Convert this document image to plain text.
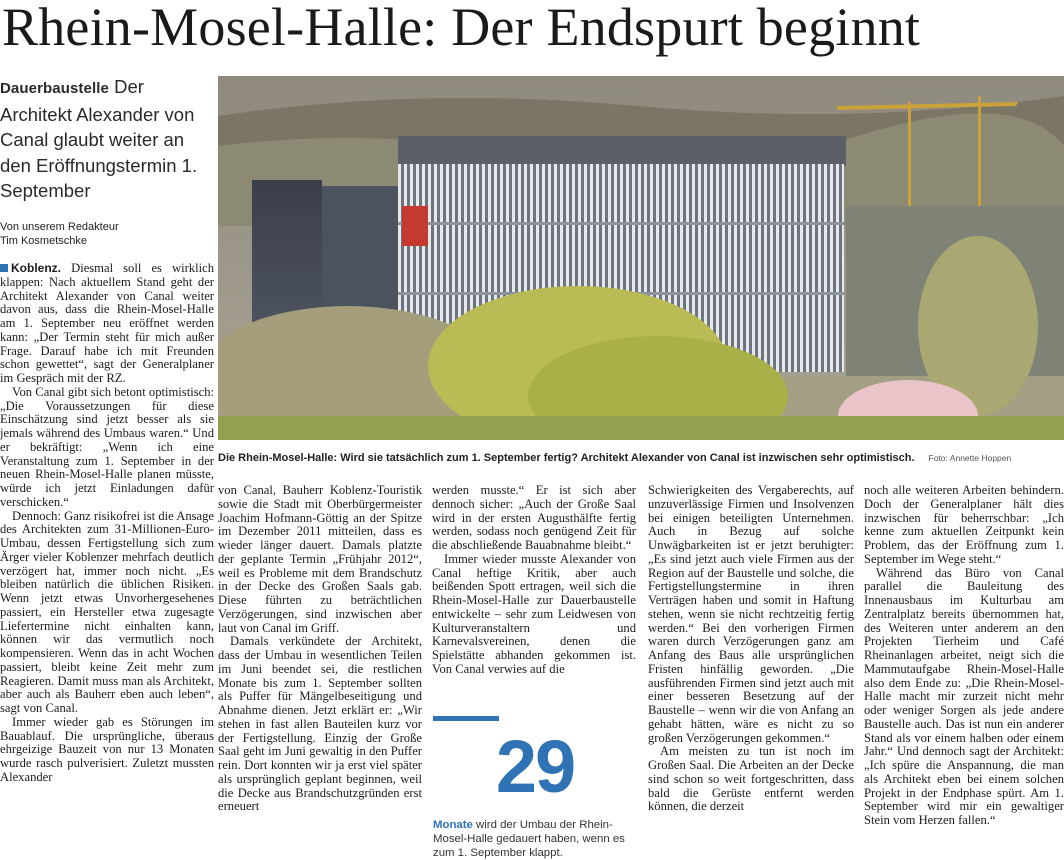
Rhein-Mosel-Halle: Der Endspurt beginnt
Dauerbaustelle Der Architekt Alexander von Canal glaubt weiter an den Eröffnungstermin 1. September
Von unserem Redakteur
Tim Kosmetschke

Koblenz. Diesmal soll es wirklich klappen: Nach aktuellem Stand geht der Architekt Alexander von Canal weiter davon aus, dass die Rhein-Mosel-Halle am 1. September neu eröffnet werden kann: „Der Termin steht für mich außer Frage. Darauf habe ich mit Freunden schon gewettet“, sagt der Generalplaner im Gespräch mit der RZ.

Von Canal gibt sich betont optimistisch: „Die Voraussetzungen für diese Einschätzung sind jetzt besser als sie jemals während des Umbaus waren.“ Und er bekräftigt: „Wenn ich eine Veranstaltung zum 1. September in der neuen Rhein-Mosel-Halle planen müsste, würde ich jetzt Einladungen dafür verschicken.“

Dennoch: Ganz risikofrei ist die Ansage des Architekten zum 31-Millionen-Euro-Umbau, dessen Fertigstellung sich zum Ärger vieler Koblenzer mehrfach deutlich verzögert hat, immer noch nicht. „Es bleiben natürlich die üblichen Risiken. Wenn jetzt etwas Unvorhergesehenes passiert, ein Hersteller etwa zugesagte Liefertermine nicht einhalten kann, können wir das vermutlich noch kompensieren. Wenn das in acht Wochen passiert, bleibt keine Zeit mehr zum Reagieren. Damit muss man als Architekt, aber auch als Bauherr eben auch leben“, sagt von Canal.

Immer wieder gab es Störungen im Bauablauf. Die ursprüngliche, überaus ehrgeizige Bauzeit von nur 13 Monaten wurde rasch pulverisiert. Zuletzt mussten Alexander

Die Rhein-Mosel-Halle: Wird sie tatsächlich zum 1. September fertig? Architekt Alexander von Canal ist inzwischen sehr optimistisch. Foto: Annette Hoppen

von Canal, Bauherr Koblenz-Touristik sowie die Stadt mit Oberbürgermeister Joachim Hofmann-Göttig an der Spitze im Dezember 2011 mitteilen, dass es wieder länger dauert. Damals platzte der geplante Termin „Frühjahr 2012“, weil es Probleme mit dem Brandschutz in der Decke des Großen Saals gab. Diese führten zu beträchtlichen Verzögerungen, sind inzwischen aber laut von Canal im Griff.

Damals verkündete der Architekt, dass der Umbau in wesentlichen Teilen im Juni beendet sei, die restlichen Monate bis zum 1. September sollten als Puffer für Mängelbeseitigung und Abnahme dienen. Jetzt erklärt er: „Wir stehen in fast allen Bauteilen kurz vor der Fertigstellung. Einzig der Große Saal geht im Juni gewaltig in den Puffer rein. Dort konnten wir ja erst viel später als ursprünglich geplant beginnen, weil die Decke aus Brandschutzgründen erst erneuert

werden musste.“ Er ist sich aber dennoch sicher: „Auch der Große Saal wird in der ersten Augusthälfte fertig werden, sodass noch genügend Zeit für die abschließende Bauabnahme bleibt.“

Immer wieder musste Alexander von Canal heftige Kritik, aber auch beißenden Spott ertragen, weil sich die Rhein-Mosel-Halle zur Dauerbaustelle entwickelte – sehr zum Leidwesen von Kulturveranstaltern und Karnevalsvereinen, denen die Spielstätte abhanden gekommen ist. Von Canal verwies auf die

29
Monate wird der Umbau der Rhein-Mosel-Halle gedauert haben, wenn es zum 1. September klappt.

Schwierigkeiten des Vergaberechts, auf unzuverlässige Firmen und Insolvenzen bei einigen beteiligten Unternehmen. Auch in Bezug auf solche Unwägbarkeiten ist er jetzt beruhigter: „Es sind jetzt auch viele Firmen aus der Region auf der Baustelle und solche, die Fertigstellungstermine in ihren Verträgen haben und somit in Haftung stehen, wenn sie nicht rechtzeitig fertig werden.“ Bei den vorherigen Firmen waren durch Verzögerungen ganz am Anfang des Baus alle ursprünglichen Fristen hinfällig geworden. „Die ausführenden Firmen sind jetzt auch mit einer besseren Besetzung auf der Baustelle – wenn wir die von Anfang an gehabt hätten, wäre es nicht zu so großen Verzögerungen gekommen.“

Am meisten zu tun ist noch im Großen Saal. Die Arbeiten an der Decke sind schon so weit fortgeschritten, dass bald die Gerüste entfernt werden können, die derzeit

noch alle weiteren Arbeiten behindern. Doch der Generalplaner hält dies inzwischen für beherrschbar: „Ich kenne zum aktuellen Zeitpunkt kein Problem, das der Eröffnung zum 1. September im Wege steht.“

Während das Büro von Canal parallel die Bauleitung des Innenausbaus im Kulturbau am Zentralplatz bereits übernommen hat, des Weiteren unter anderem an den Projekten Tierheim und Café Rheinanlagen arbeitet, neigt sich die Mammutaufgabe Rhein-Mosel-Halle also dem Ende zu: „Die Rhein-Mosel-Halle macht mir zurzeit nicht mehr oder weniger Sorgen als jede andere Baustelle auch. Das ist nun ein anderer Stand als vor einem halben oder einem Jahr.“ Und dennoch sagt der Architekt: „Ich spüre die Anspannung, die man als Architekt eben bei einem solchen Projekt in der Endphase spürt. Am 1. September wird mir ein gewaltiger Stein vom Herzen fallen.“
